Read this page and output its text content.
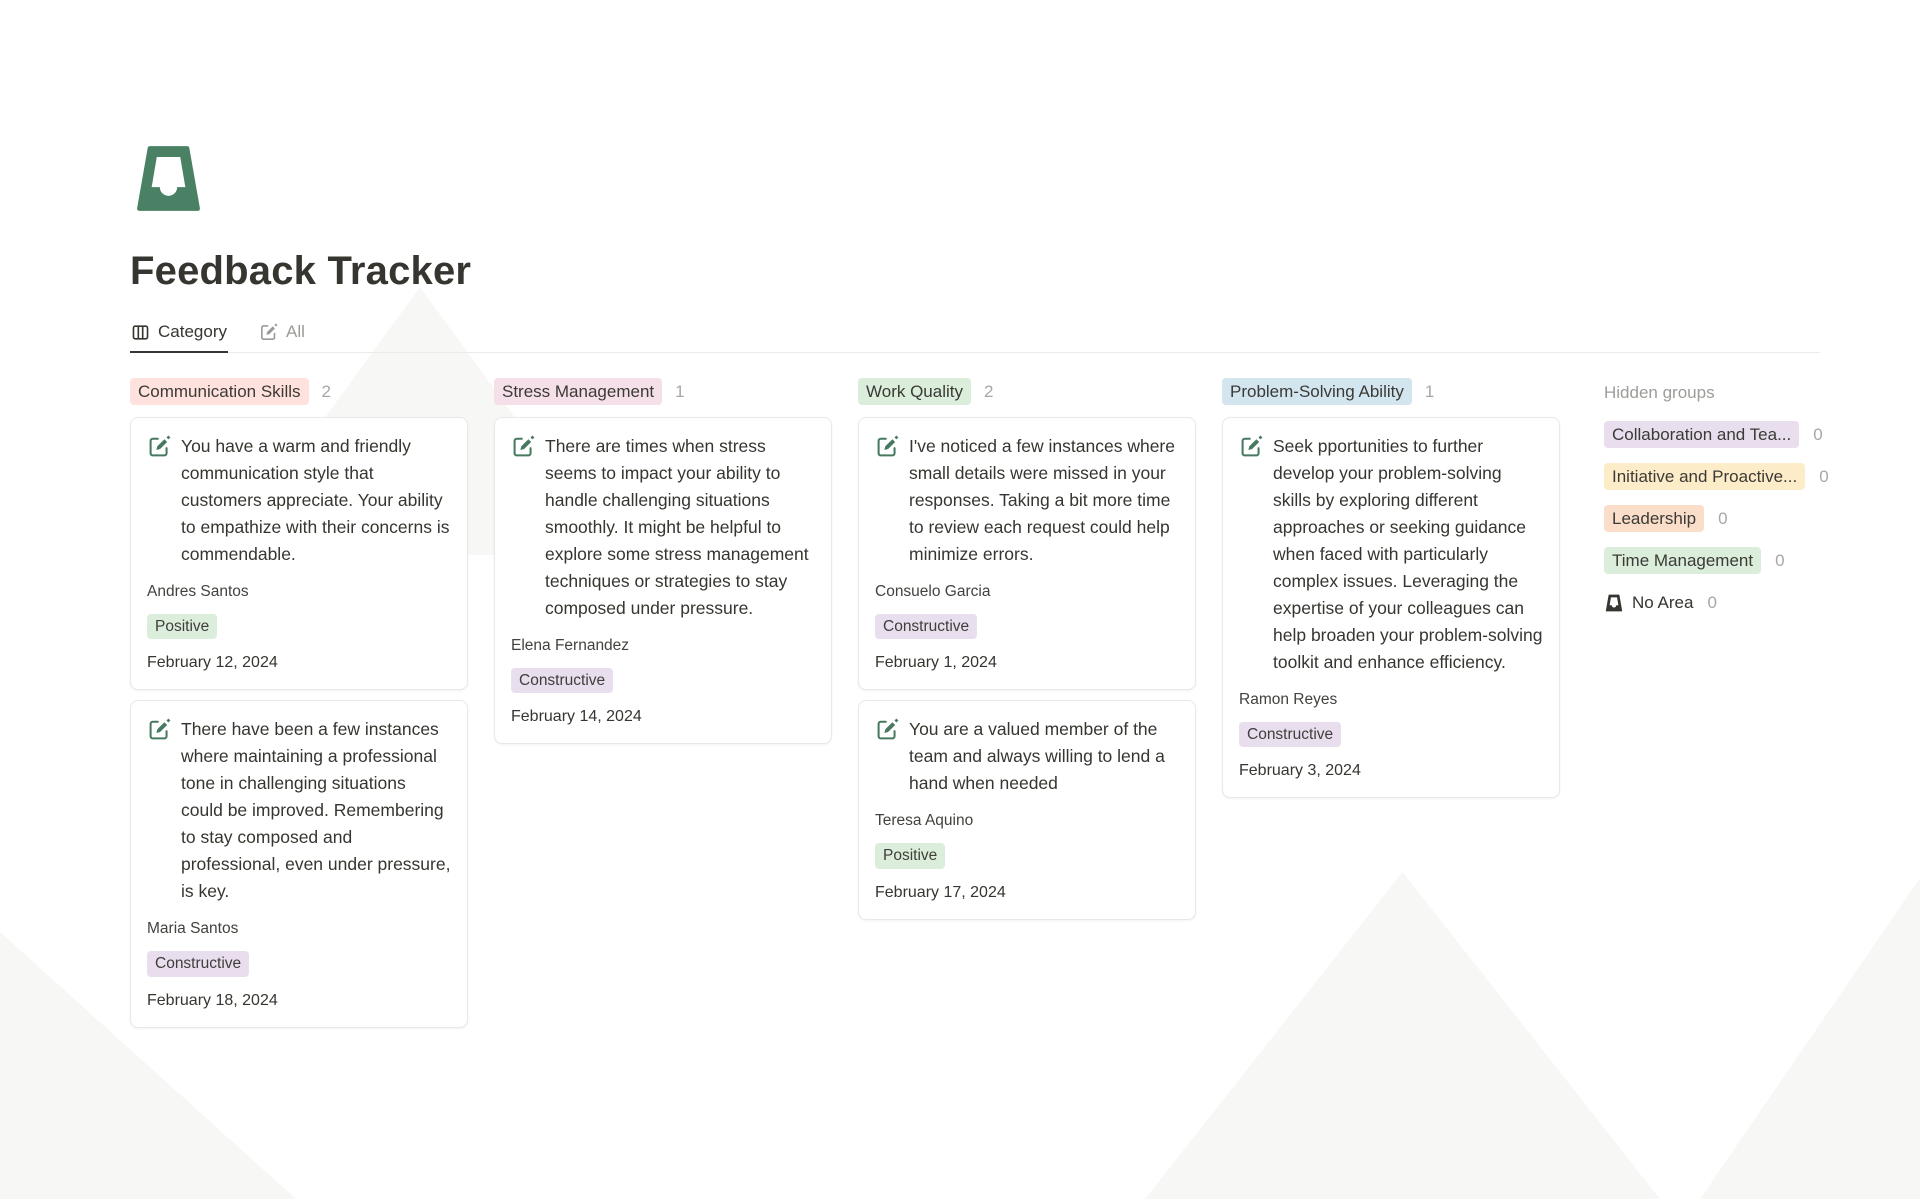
Feedback Tracker
Category	All
Communication Skills	2
You have a warm and friendly communication style that customers appreciate. Your ability to empathize with their concerns is commendable.
Andres Santos
Positive
February 12, 2024
There have been a few instances where maintaining a professional tone in challenging situations could be improved. Remembering to stay composed and professional, even under pressure, is key.
Maria Santos
Constructive
February 18, 2024
Stress Management	1
There are times when stress seems to impact your ability to handle challenging situations smoothly. It might be helpful to explore some stress management techniques or strategies to stay composed under pressure.
Elena Fernandez
Constructive
February 14, 2024
Work Quality	2
I've noticed a few instances where small details were missed in your responses. Taking a bit more time to review each request could help minimize errors.
Consuelo Garcia
Constructive
February 1, 2024
You are a valued member of the team and always willing to lend a hand when needed
Teresa Aquino
Positive
February 17, 2024
Problem-Solving Ability	1
Seek pportunities to further develop your problem-solving skills by exploring different approaches or seeking guidance when faced with particularly complex issues. Leveraging the expertise of your colleagues can help broaden your problem-solving toolkit and enhance efficiency.
Ramon Reyes
Constructive
February 3, 2024
Hidden groups
Collaboration and Tea...	0
Initiative and Proactive...	0
Leadership	0
Time Management	0
No Area 0
